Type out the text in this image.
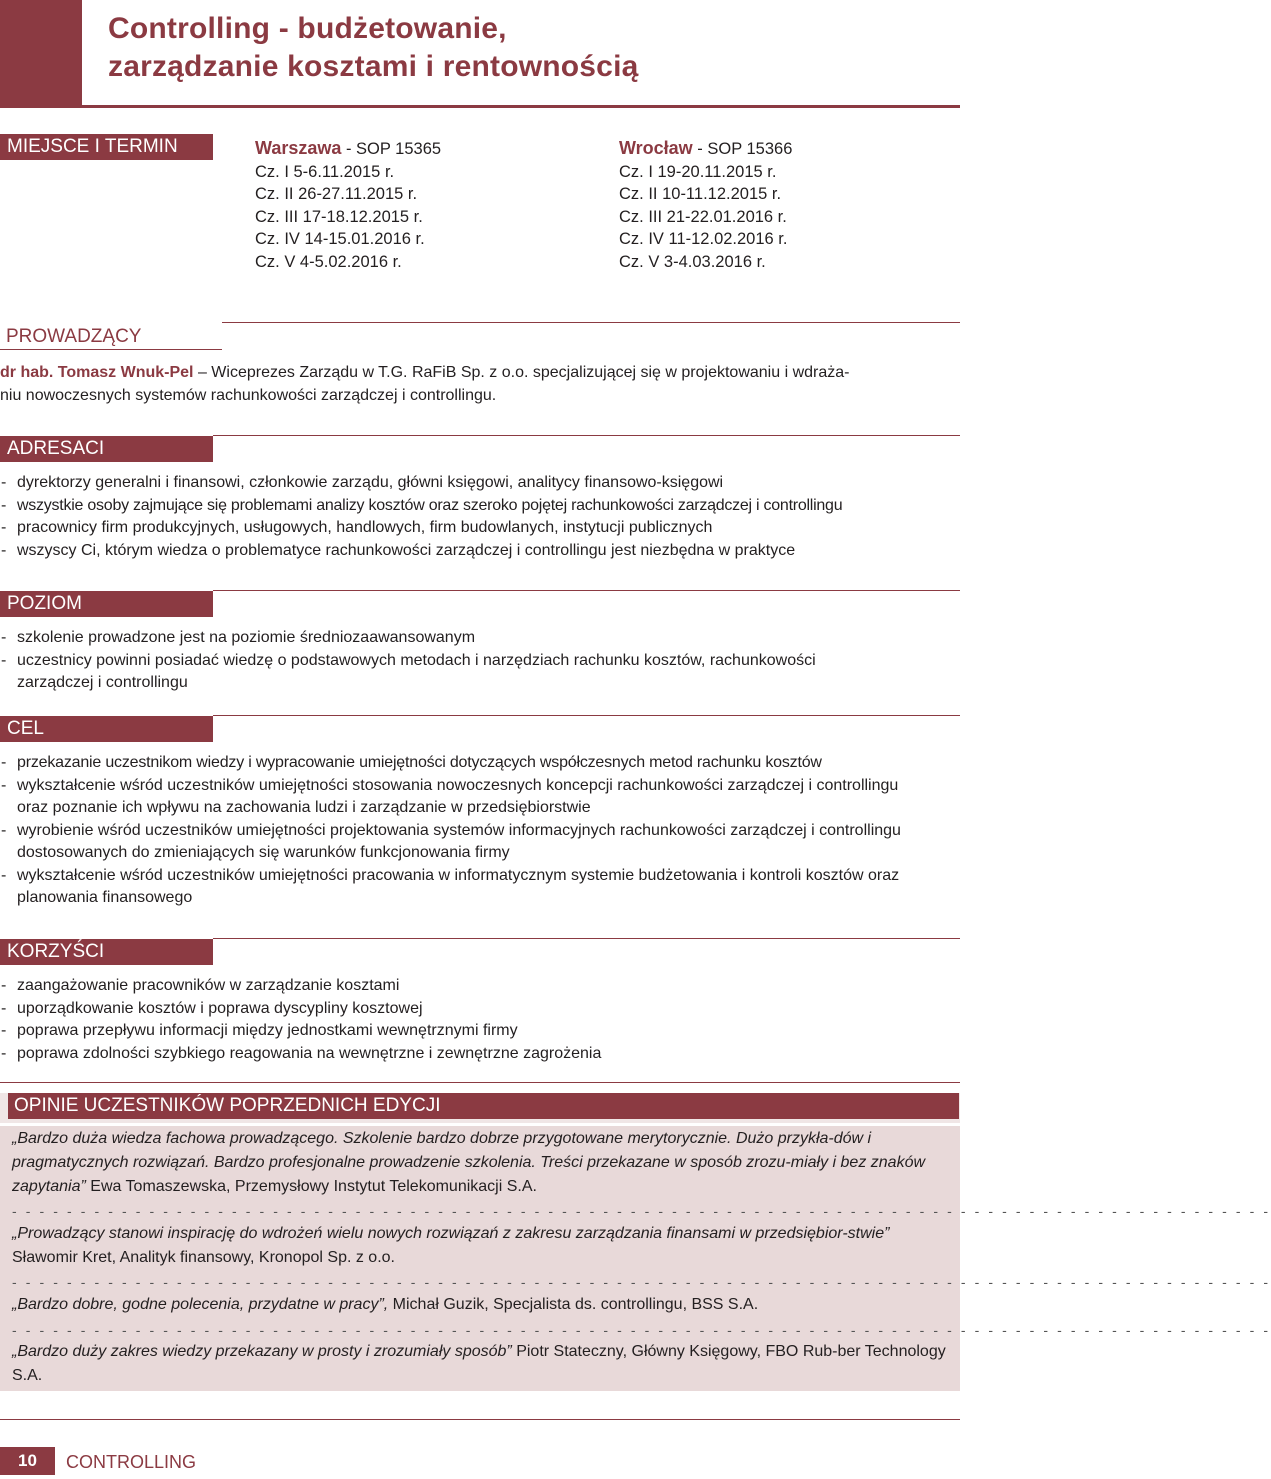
Controlling - budżetowanie,
zarządzanie kosztami i rentownością
MIEJSCE I TERMIN	Warszawa - SOP 15365
Cz. I 5-6.11.2015 r.
Cz. II 26-27.11.2015 r.
Cz. III 17-18.12.2015 r.
Cz. IV 14-15.01.2016 r.
Cz. V 4-5.02.2016 r.
Wrocław - SOP 15366
Cz. I 19-20.11.2015 r.
Cz. II 10-11.12.2015 r.
Cz. III 21-22.01.2016 r.
Cz. IV 11-12.02.2016 r.
Cz. V 3-4.03.2016 r.
PROWADZĄCY
dr hab. Tomasz Wnuk-Pel – Wiceprezes Zarządu w T.G. RaFiB Sp. z o.o. specjalizującej się w projektowaniu i wdraża-
niu nowoczesnych systemów rachunkowości zarządczej i controllingu.
ADRESACI
- dyrektorzy generalni i finansowi, członkowie zarządu, główni księgowi, analitycy finansowo-księgowi
- wszystkie osoby zajmujące się problemami analizy kosztów oraz szeroko pojętej rachunkowości zarządczej i controllingu
- pracownicy firm produkcyjnych, usługowych, handlowych, firm budowlanych, instytucji publicznych
- wszyscy Ci, którym wiedza o problematyce rachunkowości zarządczej i controllingu jest niezbędna w praktyce
POZIOM
- szkolenie prowadzone jest na poziomie średniozaawansowanym
- uczestnicy powinni posiadać wiedzę o podstawowych metodach i narzędziach rachunku kosztów, rachunkowości zarządczej i controllingu
CEL
- przekazanie uczestnikom wiedzy i wypracowanie umiejętności dotyczących współczesnych metod rachunku kosztów
- wykształcenie wśród uczestników umiejętności stosowania nowoczesnych koncepcji rachunkowości zarządczej i controllingu oraz poznanie ich wpływu na zachowania ludzi i zarządzanie w przedsiębiorstwie
- wyrobienie wśród uczestników umiejętności projektowania systemów informacyjnych rachunkowości zarządczej i controllingu dostosowanych do zmieniających się warunków funkcjonowania firmy
- wykształcenie wśród uczestników umiejętności pracowania w informatycznym systemie budżetowania i kontroli kosztów oraz planowania finansowego
KORZYŚCI
- zaangażowanie pracowników w zarządzanie kosztami
- uporządkowanie kosztów i poprawa dyscypliny kosztowej
- poprawa przepływu informacji między jednostkami wewnętrznymi firmy
- poprawa zdolności szybkiego reagowania na wewnętrzne i zewnętrzne zagrożenia
OPINIE UCZESTNIKÓW POPRZEDNICH EDYCJI
„Bardzo duża wiedza fachowa prowadzącego. Szkolenie bardzo dobrze przygotowane merytorycznie. Dużo przykła-dów i pragmatycznych rozwiązań. Bardzo profesjonalne prowadzenie szkolenia. Treści przekazane w sposób zrozu-miały i bez znaków zapytania” Ewa Tomaszewska, Przemysłowy Instytut Telekomunikacji S.A.
- - - - - - - - - - - - - - - - - - - - - - - - - - - - - - - - - - - - - - - - - - - - - - - - - - - - - - - - - - - - - - - - - - - - - - - - - - - - - - - - - - - - - - - - - - - -
„Prowadzący stanowi inspirację do wdrożeń wielu nowych rozwiązań z zakresu zarządzania finansami w przedsiębior-stwie” Sławomir Kret, Analityk finansowy, Kronopol Sp. z o.o.
- - - - - - - - - - - - - - - - - - - - - - - - - - - - - - - - - - - - - - - - - - - - - - - - - - - - - - - - - - - - - - - - - - - - - - - - - - - - - - - - - - - - - - - - - - - -
„Bardzo dobre, godne polecenia, przydatne w pracy”, Michał Guzik, Specjalista ds. controllingu, BSS S.A.
- - - - - - - - - - - - - - - - - - - - - - - - - - - - - - - - - - - - - - - - - - - - - - - - - - - - - - - - - - - - - - - - - - - - - - - - - - - - - - - - - - - - - - - - - - - -
„Bardzo duży zakres wiedzy przekazany w prosty i zrozumiały sposób” Piotr Stateczny, Główny Księgowy, FBO Rub-ber Technology S.A.
10	CONTROLLING
